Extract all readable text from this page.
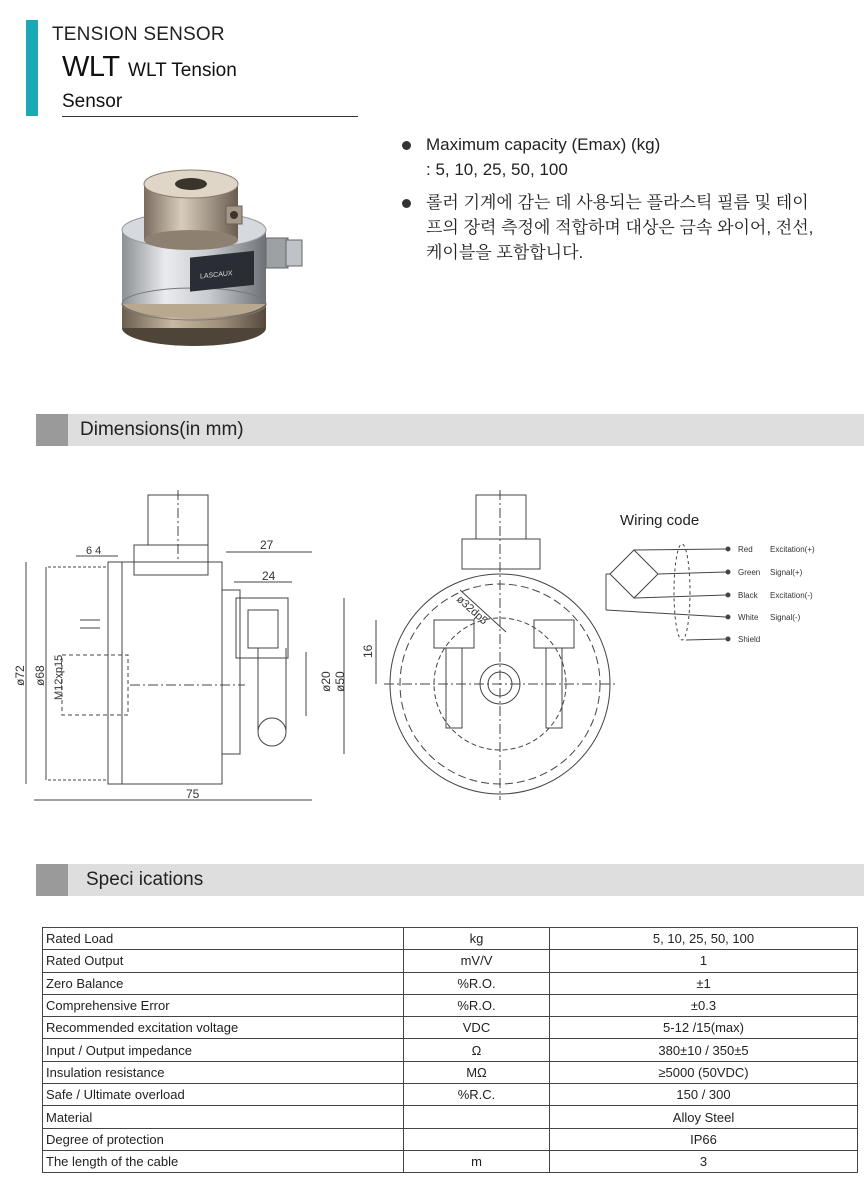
TENSION SENSOR
WLT WLT Tension
Sensor
LASCAUX
Maximum capacity (Emax) (kg)
: 5, 10, 25, 50, 100
롤러 기계에 감는 데 사용되는 플라스틱 필름 및 테이프의 장력 측정에 적합하며 대상은 금속 와이어, 전선, 케이블을 포함합니다.
Dimensions(in mm)
6 4	27
24
ø72 ø68 M12xp15	ø20 ø50
75
16
ø32dp5
Wiring code
Red Excitation(+)
Green Signal(+)
Black Excitation(-)
White Signal(-)
Shield
Speci ications
Rated Load	kg	5, 10, 25, 50, 100
Rated Output	mV/V	1
Zero Balance	%R.O.	±1
Comprehensive Error	%R.O.	±0.3
Recommended excitation voltage	VDC	5-12 /15(max)
Input / Output impedance	Ω	380±10 / 350±5
Insulation resistance	MΩ	≥5000 (50VDC)
Safe / Ultimate overload	%R.C.	150 / 300
Material		Alloy Steel
Degree of protection		IP66
The length of the cable	m	3
